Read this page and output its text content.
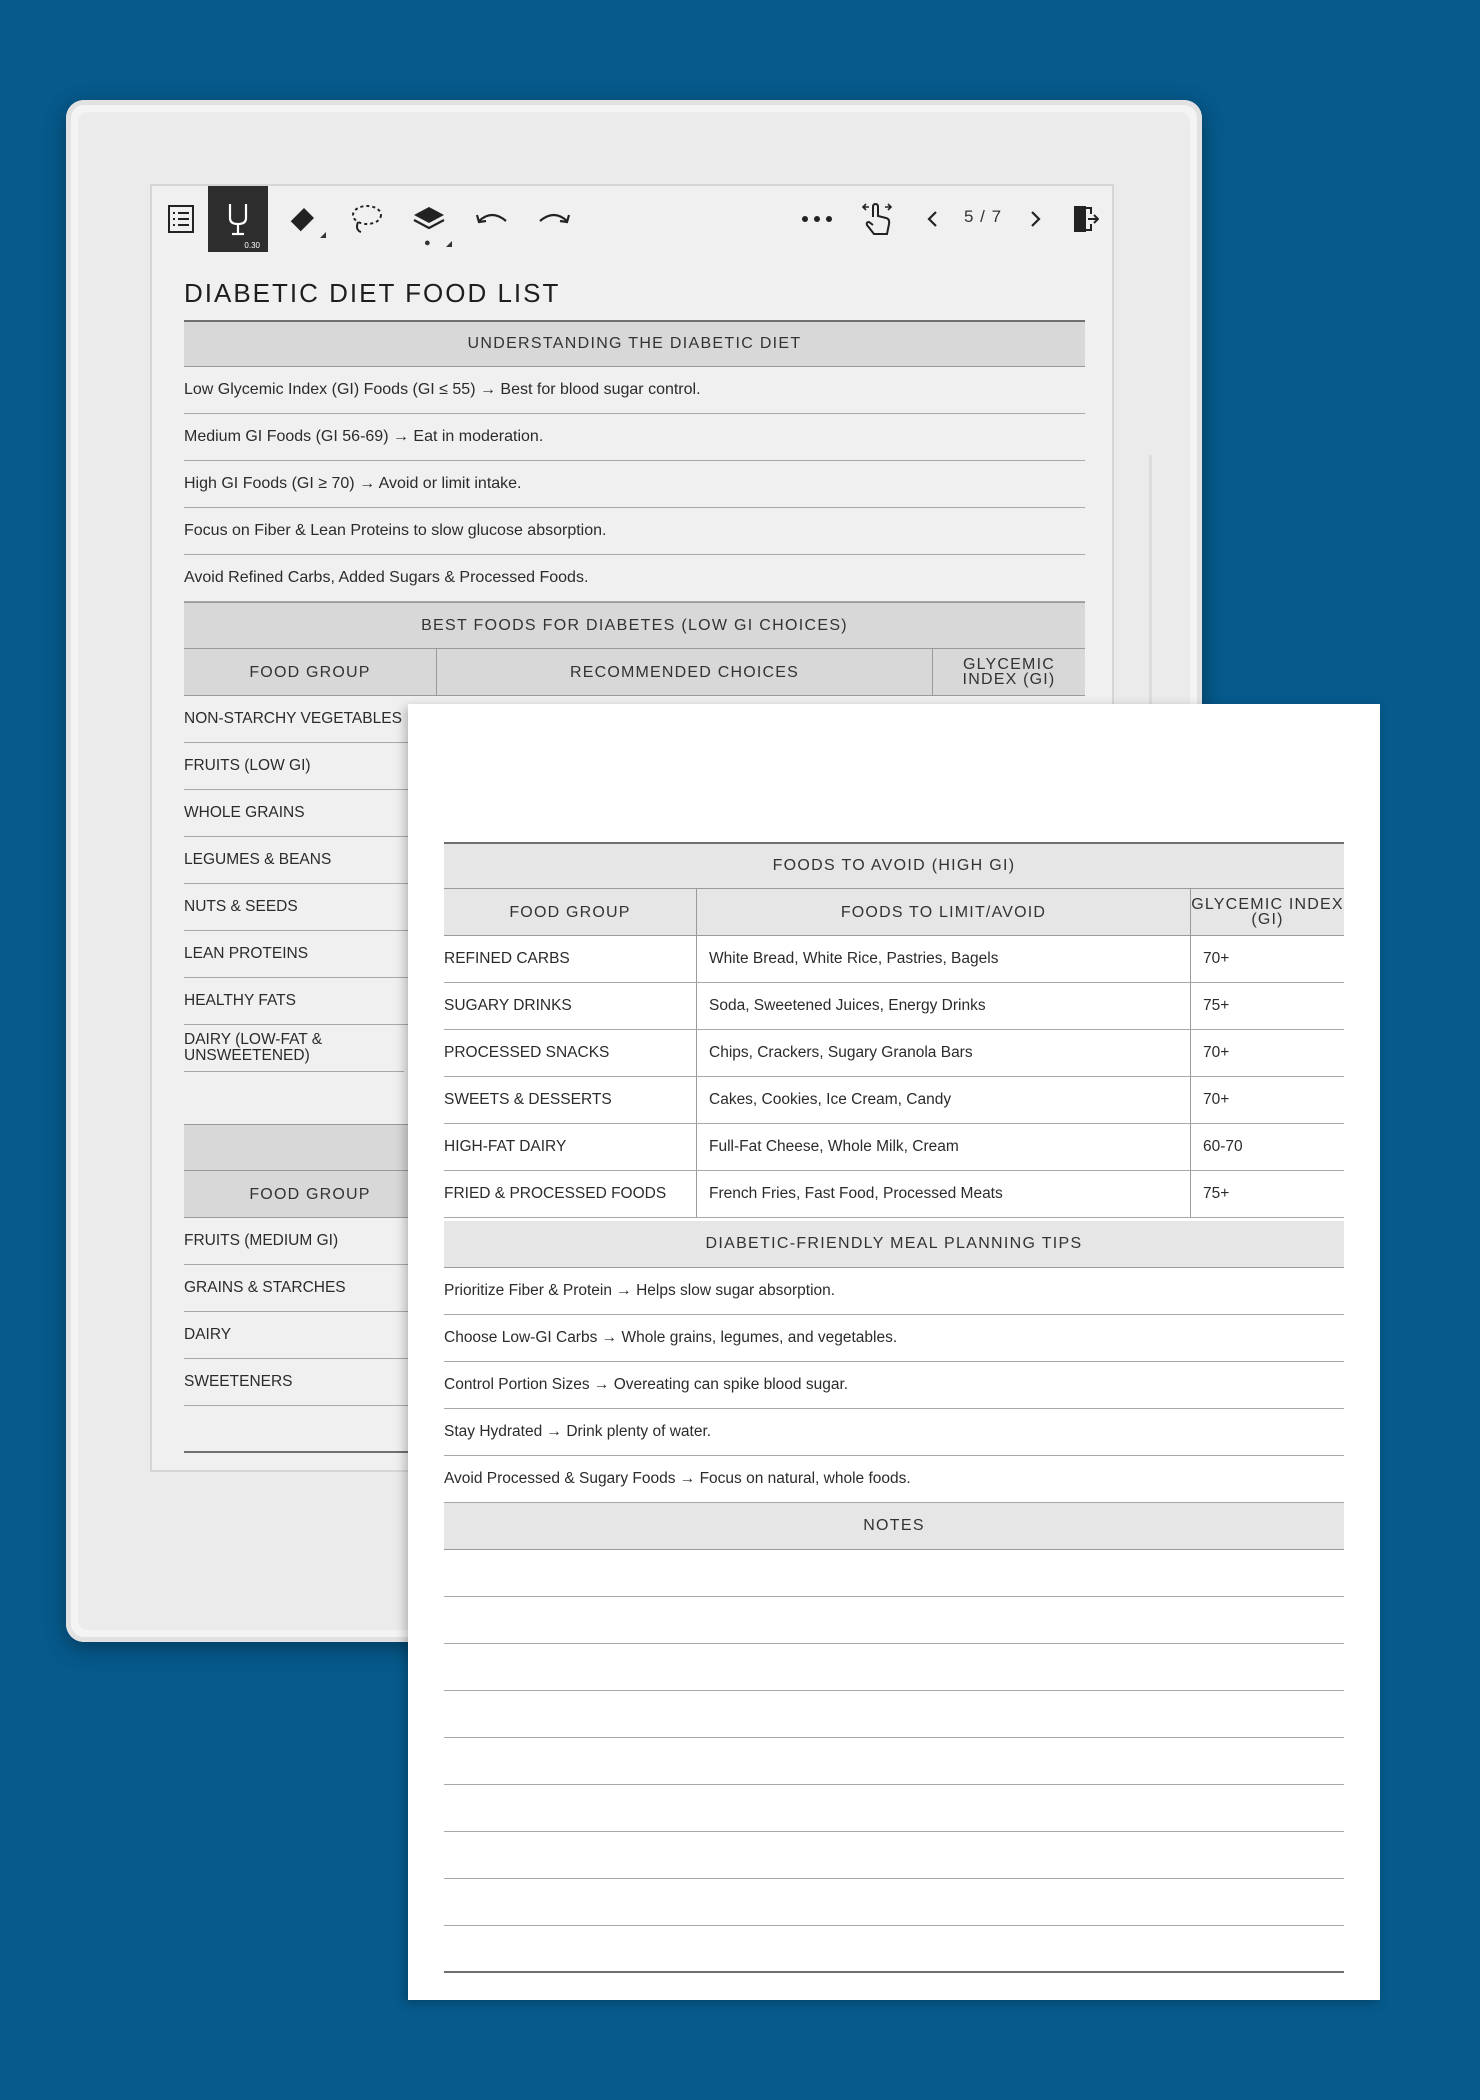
0.30	●
5 / 7
DIABETIC DIET FOOD LIST
UNDERSTANDING THE DIABETIC DIET
Low Glycemic Index (GI) Foods (GI ≤ 55) → Best for blood sugar control.
Medium GI Foods (GI 56-69) → Eat in moderation.
High GI Foods (GI ≥ 70) → Avoid or limit intake.
Focus on Fiber & Lean Proteins to slow glucose absorption.
Avoid Refined Carbs, Added Sugars & Processed Foods.
BEST FOODS FOR DIABETES (LOW GI CHOICES)
FOOD GROUP	RECOMMENDED CHOICES	GLYCEMIC INDEX (GI)
NON-STARCHY VEGETABLES
FRUITS (LOW GI)
WHOLE GRAINS
LEGUMES & BEANS
NUTS & SEEDS
LEAN PROTEINS
HEALTHY FATS
DAIRY (LOW-FAT & UNSWEETENED)
FOOD GROUP
FRUITS (MEDIUM GI)
GRAINS & STARCHES
DAIRY
SWEETENERS
FOODS TO AVOID (HIGH GI)
FOOD GROUP	FOODS TO LIMIT/AVOID	GLYCEMIC INDEX (GI)
REFINED CARBS	White Bread, White Rice, Pastries, Bagels	70+
SUGARY DRINKS	Soda, Sweetened Juices, Energy Drinks	75+
PROCESSED SNACKS	Chips, Crackers, Sugary Granola Bars	70+
SWEETS & DESSERTS	Cakes, Cookies, Ice Cream, Candy	70+
HIGH-FAT DAIRY	Full-Fat Cheese, Whole Milk, Cream	60-70
FRIED & PROCESSED FOODS	French Fries, Fast Food, Processed Meats	75+
DIABETIC-FRIENDLY MEAL PLANNING TIPS
Prioritize Fiber & Protein → Helps slow sugar absorption.
Choose Low-GI Carbs → Whole grains, legumes, and vegetables.
Control Portion Sizes → Overeating can spike blood sugar.
Stay Hydrated → Drink plenty of water.
Avoid Processed & Sugary Foods → Focus on natural, whole foods.
NOTES
